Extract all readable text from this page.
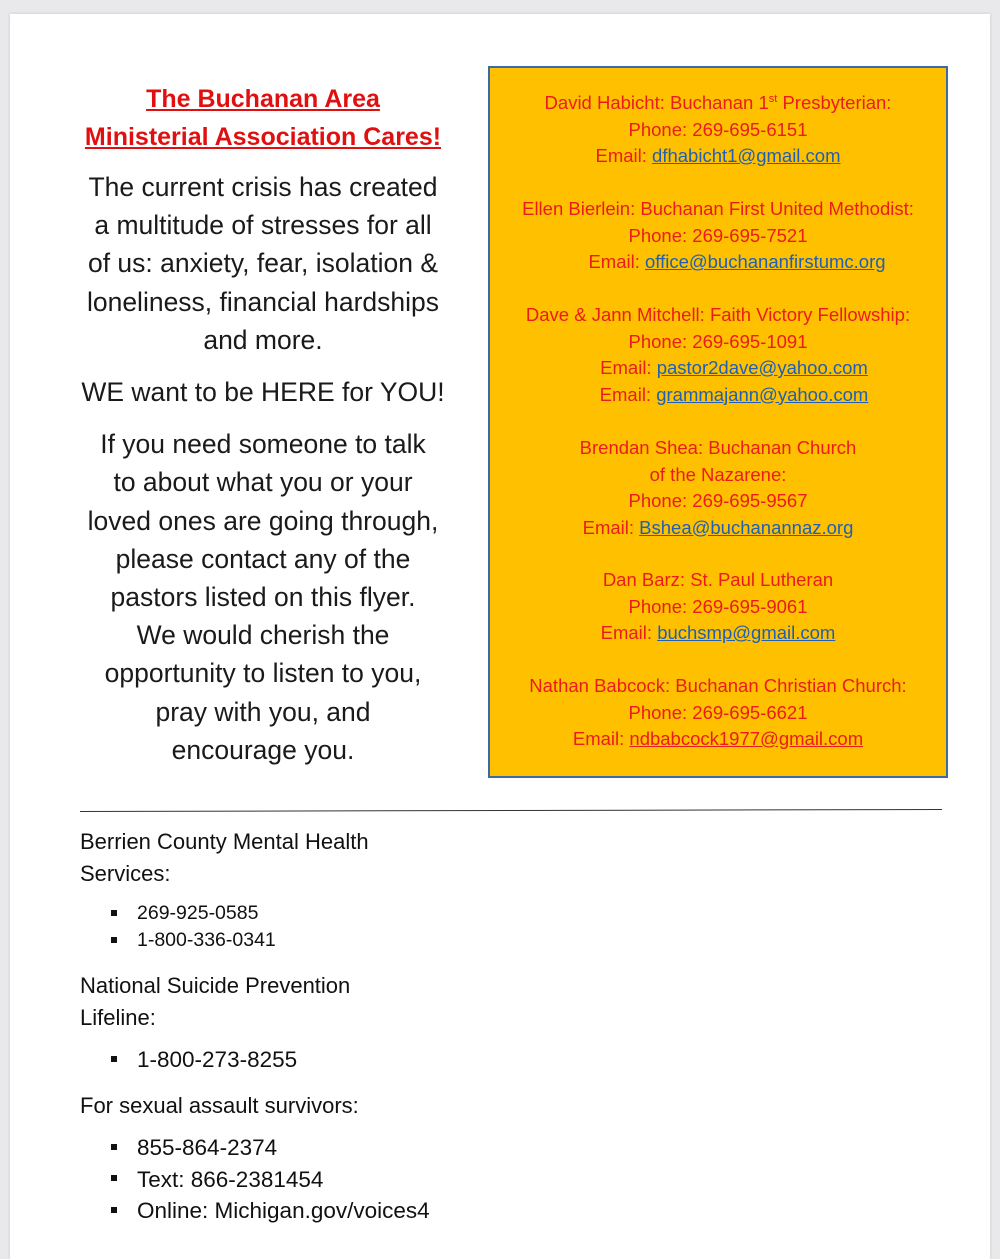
The Buchanan Area
Ministerial Association Cares!
The current crisis has created
a multitude of stresses for all
of us: anxiety, fear, isolation &
loneliness, financial hardships
and more.
WE want to be HERE for YOU!
If you need someone to talk
to about what you or your
loved ones are going through,
please contact any of the
pastors listed on this flyer.
We would cherish the
opportunity to listen to you,
pray with you, and
encourage you.
David Habicht: Buchanan 1st Presbyterian:
Phone: 269-695-6151
Email: dfhabicht1@gmail.com
Ellen Bierlein: Buchanan First United Methodist:
Phone: 269-695-7521
Email: office@buchananfirstumc.org
Dave & Jann Mitchell: Faith Victory Fellowship:
Phone: 269-695-1091
Email: pastor2dave@yahoo.com
Email: grammajann@yahoo.com
Brendan Shea: Buchanan Church
of the Nazarene:
Phone: 269-695-9567
Email: Bshea@buchanannaz.org
Dan Barz: St. Paul Lutheran
Phone: 269-695-9061
Email: buchsmp@gmail.com
Nathan Babcock: Buchanan Christian Church:
Phone: 269-695-6621
Email: ndbabcock1977@gmail.com
Berrien County Mental Health Services:
269-925-0585
1-800-336-0341
National Suicide Prevention Lifeline:
1-800-273-8255
For sexual assault survivors:
855-864-2374
Text: 866-2381454
Online: Michigan.gov/voices4
